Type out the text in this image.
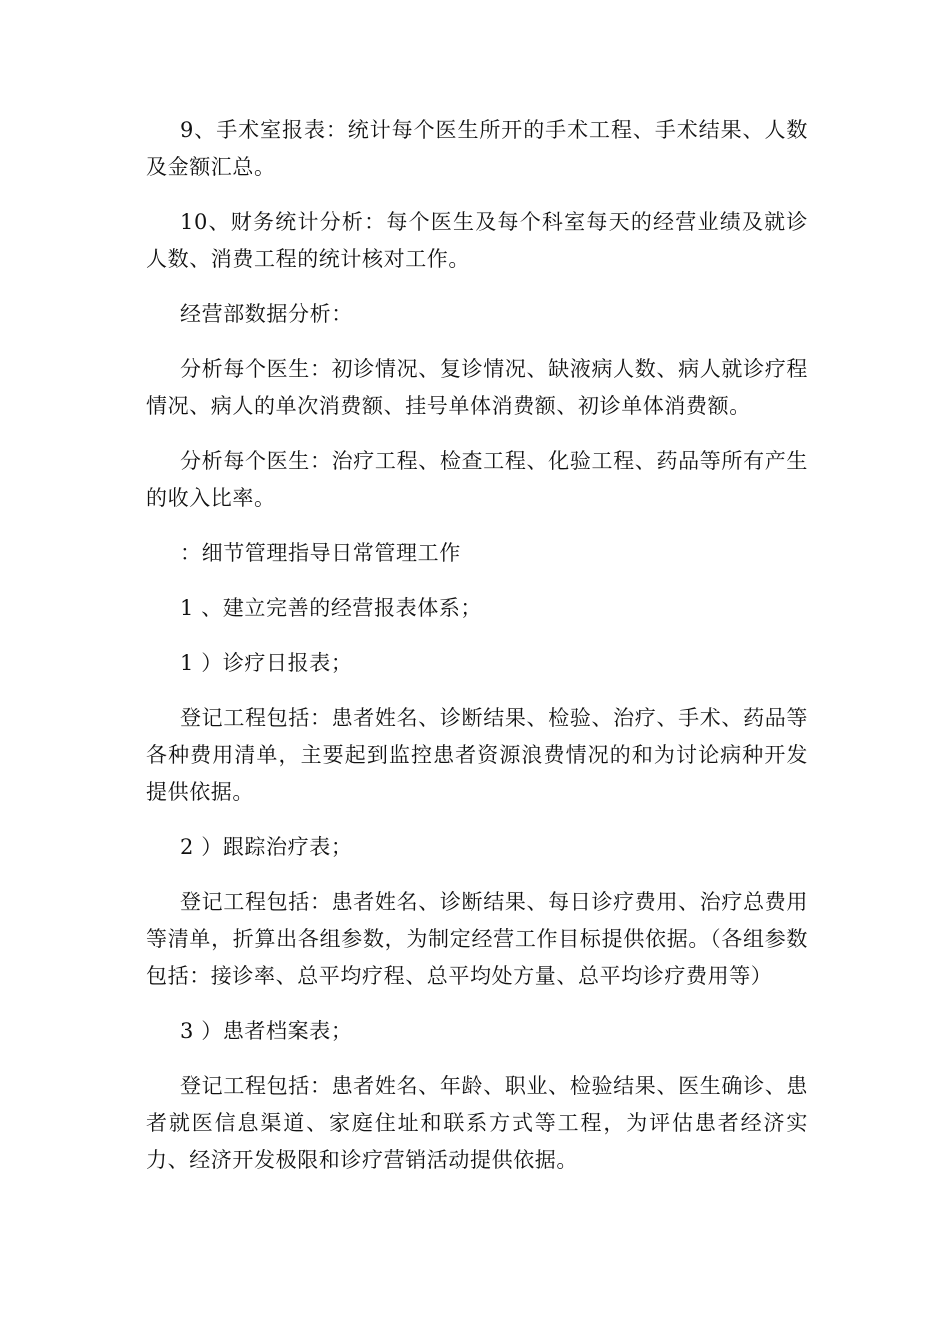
9、手术室报表：统计每个医生所开的手术工程、手术结果、人数及金额汇总。

10、财务统计分析：每个医生及每个科室每天的经营业绩及就诊人数、消费工程的统计核对工作。

经营部数据分析：

分析每个医生：初诊情况、复诊情况、缺液病人数、病人就诊疗程情况、病人的单次消费额、挂号单体消费额、初诊单体消费额。

分析每个医生：治疗工程、检查工程、化验工程、药品等所有产生的收入比率。

：细节管理指导日常管理工作

1 、建立完善的经营报表体系；

1 ）诊疗日报表；

登记工程包括：患者姓名、诊断结果、检验、治疗、手术、药品等各种费用清单，主要起到监控患者资源浪费情况的和为讨论病种开发提供依据。

2 ）跟踪治疗表；

登记工程包括：患者姓名、诊断结果、每日诊疗费用、治疗总费用等清单，折算出各组参数，为制定经营工作目标提供依据。（各组参数包括：接诊率、总平均疗程、总平均处方量、总平均诊疗费用等）

3 ）患者档案表；

登记工程包括：患者姓名、年龄、职业、检验结果、医生确诊、患者就医信息渠道、家庭住址和联系方式等工程，为评估患者经济实力、经济开发极限和诊疗营销活动提供依据。
